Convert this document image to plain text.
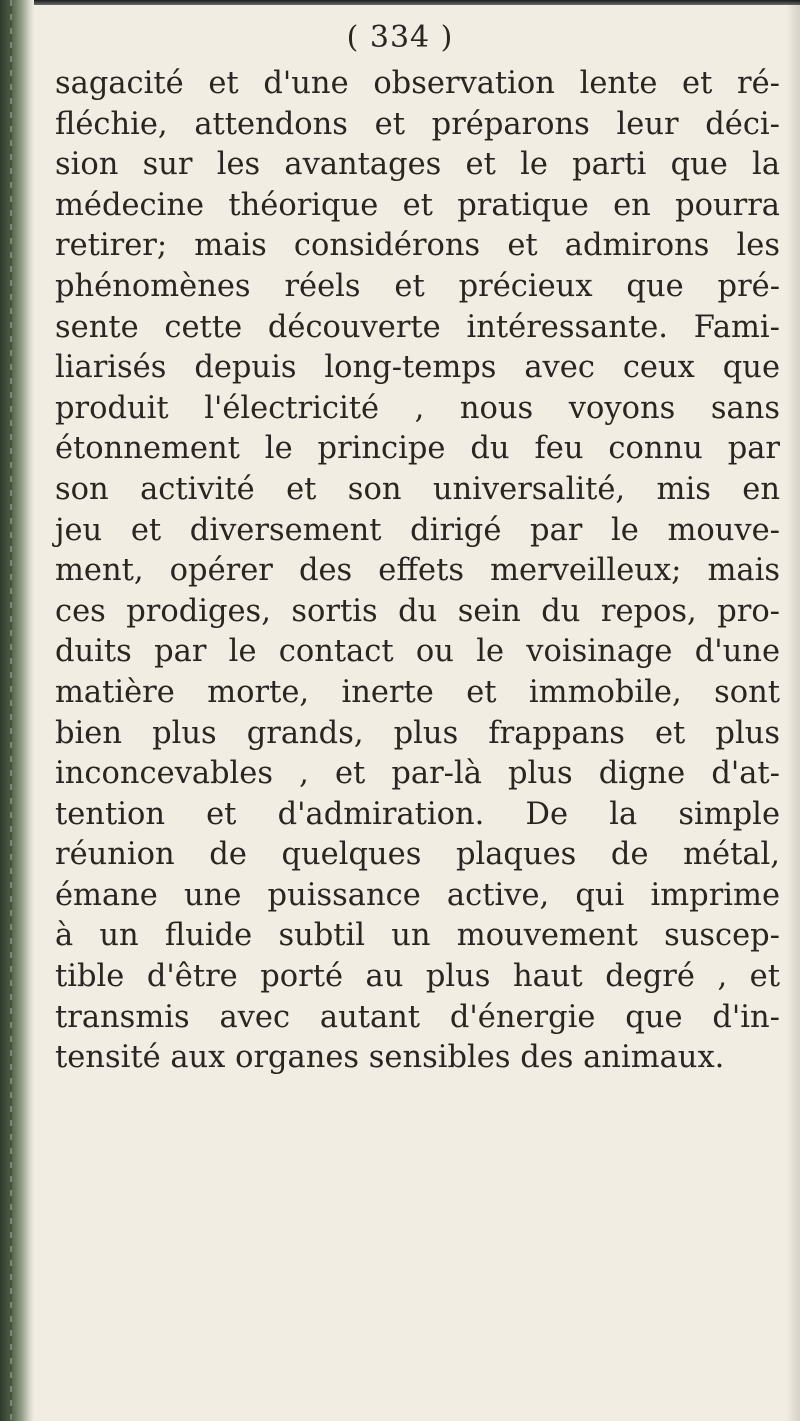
( 334 )
sagacité et d'une observation lente et ré-
fléchie, attendons et préparons leur déci-
sion sur les avantages et le parti que la
médecine théorique et pratique en pourra
retirer; mais considérons et admirons les
phénomènes réels et précieux que pré-
sente cette découverte intéressante. Fami-
liarisés depuis long-temps avec ceux que
produit l'électricité , nous voyons sans
étonnement le principe du feu connu par
son activité et son universalité, mis en
jeu et diversement dirigé par le mouve-
ment, opérer des effets merveilleux; mais
ces prodiges, sortis du sein du repos, pro-
duits par le contact ou le voisinage d'une
matière morte, inerte et immobile, sont
bien plus grands, plus frappans et plus
inconcevables , et par-là plus digne d'at-
tention et d'admiration. De la simple
réunion de quelques plaques de métal,
émane une puissance active, qui imprime
à un fluide subtil un mouvement suscep-
tible d'être porté au plus haut degré , et
transmis avec autant d'énergie que d'in-
tensité aux organes sensibles des animaux.
